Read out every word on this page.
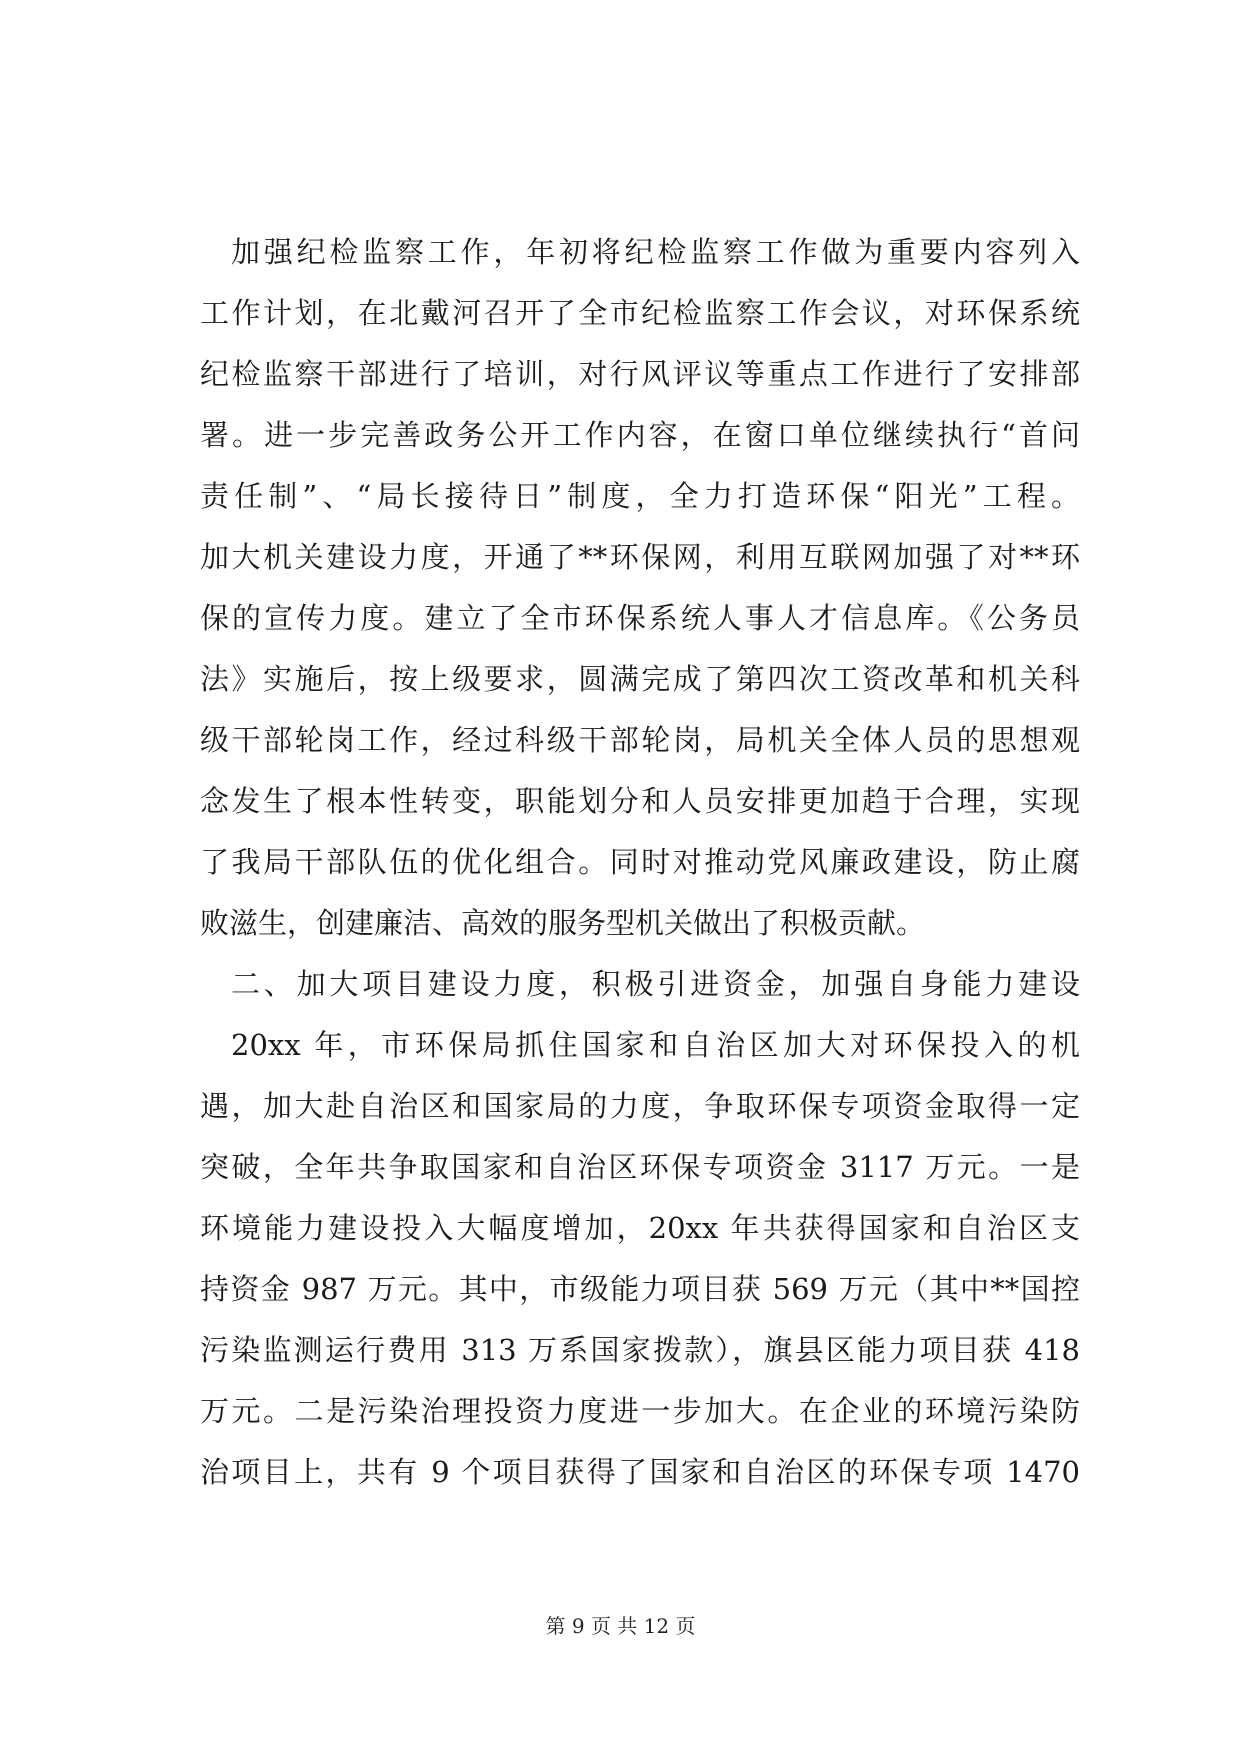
加强纪检监察工作，年初将纪检监察工作做为重要内容列入
工作计划，在北戴河召开了全市纪检监察工作会议，对环保系统
纪检监察干部进行了培训，对行风评议等重点工作进行了安排部
署。进一步完善政务公开工作内容，在窗口单位继续执行“首问
责任制”、“局长接待日”制度，全力打造环保“阳光”工程。
加大机关建设力度，开通了**环保网，利用互联网加强了对**环
保的宣传力度。建立了全市环保系统人事人才信息库。《公务员
法》实施后，按上级要求，圆满完成了第四次工资改革和机关科
级干部轮岗工作，经过科级干部轮岗，局机关全体人员的思想观
念发生了根本性转变，职能划分和人员安排更加趋于合理，实现
了我局干部队伍的优化组合。同时对推动党风廉政建设，防止腐
败滋生，创建廉洁、高效的服务型机关做出了积极贡献。
二、加大项目建设力度，积极引进资金，加强自身能力建设
20xx 年，市环保局抓住国家和自治区加大对环保投入的机
遇，加大赴自治区和国家局的力度，争取环保专项资金取得一定
突破，全年共争取国家和自治区环保专项资金 3117 万元。一是
环境能力建设投入大幅度增加，20xx 年共获得国家和自治区支
持资金 987 万元。其中，市级能力项目获 569 万元（其中**国控
污染监测运行费用 313 万系国家拨款），旗县区能力项目获 418
万元。二是污染治理投资力度进一步加大。在企业的环境污染防
治项目上，共有 9 个项目获得了国家和自治区的环保专项 1470
第 9 页 共 12 页
